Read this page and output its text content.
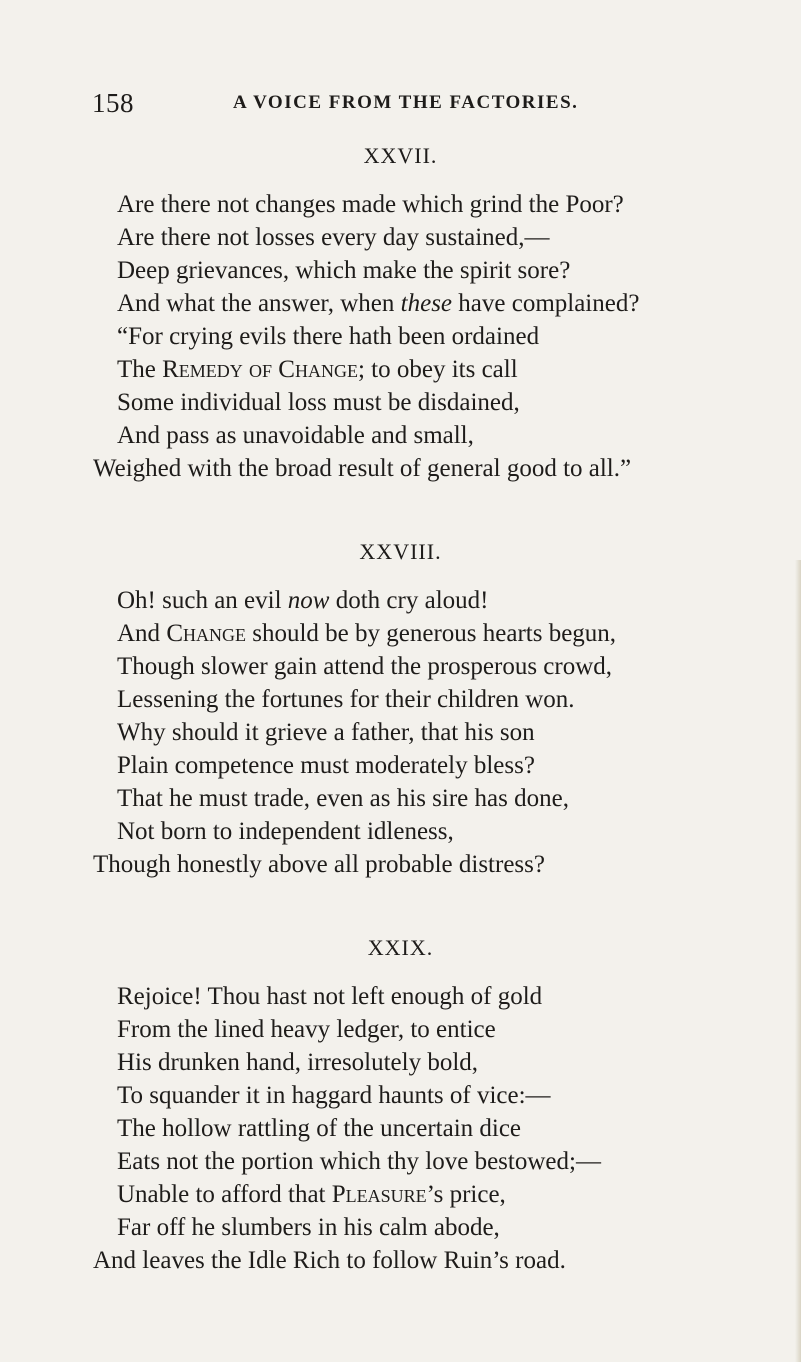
158	A VOICE FROM THE FACTORIES.
XXVII.
Are there not changes made which grind the Poor?
Are there not losses every day sustained,—
Deep grievances, which make the spirit sore?
And what the answer, when these have complained?
“For crying evils there hath been ordained
The Remedy of Change; to obey its call
Some individual loss must be disdained,
And pass as unavoidable and small,
Weighed with the broad result of general good to all.”
XXVIII.
Oh! such an evil now doth cry aloud!
And Change should be by generous hearts begun,
Though slower gain attend the prosperous crowd,
Lessening the fortunes for their children won.
Why should it grieve a father, that his son
Plain competence must moderately bless?
That he must trade, even as his sire has done,
Not born to independent idleness,
Though honestly above all probable distress?
XXIX.
Rejoice! Thou hast not left enough of gold
From the lined heavy ledger, to entice
His drunken hand, irresolutely bold,
To squander it in haggard haunts of vice:—
The hollow rattling of the uncertain dice
Eats not the portion which thy love bestowed;—
Unable to afford that Pleasure’s price,
Far off he slumbers in his calm abode,
And leaves the Idle Rich to follow Ruin’s road.
